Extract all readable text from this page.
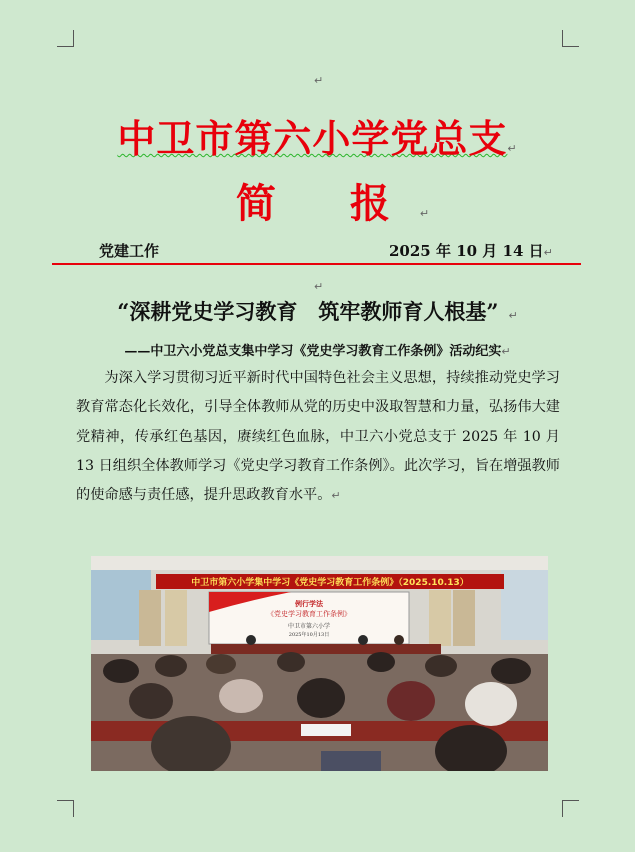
↵
中卫市第六小学党总支↵
简 报↵
党建工作	2025 年 10 月 14 日↵
↵
“深耕党史学习教育　筑牢教师育人根基” ↵
——中卫六小党总支集中学习《党史学习教育工作条例》活动纪实↵

为深入学习贯彻习近平新时代中国特色社会主义思想，持续推动党史学习教育常态化长效化，引导全体教师从党的历史中汲取智慧和力量，弘扬伟大建党精神，传承红色基因，赓续红色血脉，中卫六小党总支于 2025 年 10 月 13 日组织全体教师学习《党史学习教育工作条例》。此次学习，旨在增强教师的使命感与责任感，提升思政教育水平。↵

中卫市第六小学集中学习《党史学习教育工作条例》（2025.10.13）
例行学法
《党史学习教育工作条例》
中卫市第六小学
2025年10月13日
